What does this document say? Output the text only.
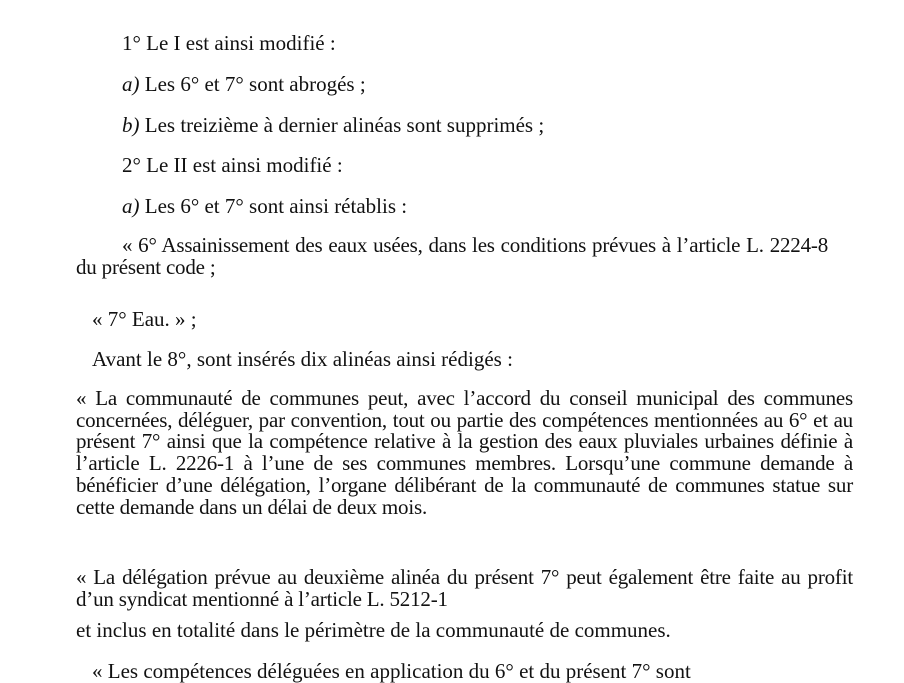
1° Le I est ainsi modifié :
a) Les 6° et 7° sont abrogés ;
b) Les treizième à dernier alinéas sont supprimés ;
2° Le II est ainsi modifié :
a) Les 6° et 7° sont ainsi rétablis :
« 6° Assainissement des eaux usées, dans les conditions prévues à l’article L. 2224-8 du présent code ;
« 7° Eau. » ;
Avant le 8°, sont insérés dix alinéas ainsi rédigés :
« La communauté de communes peut, avec l’accord du conseil municipal des communes concernées, déléguer, par convention, tout ou partie des compétences mentionnées au 6° et au présent 7° ainsi que la compétence relative à la gestion des eaux pluviales urbaines définie à l’article L. 2226-1 à l’une de ses communes membres. Lorsqu’une commune demande à bénéficier d’une délégation, l’organe délibérant de la communauté de communes statue sur cette demande dans un délai de deux mois.
« La délégation prévue au deuxième alinéa du présent 7° peut également être faite au profit d’un syndicat mentionné à l’article L. 5212-1
et inclus en totalité dans le périmètre de la communauté de communes.
« Les compétences déléguées en application du 6° et du présent 7° sont
